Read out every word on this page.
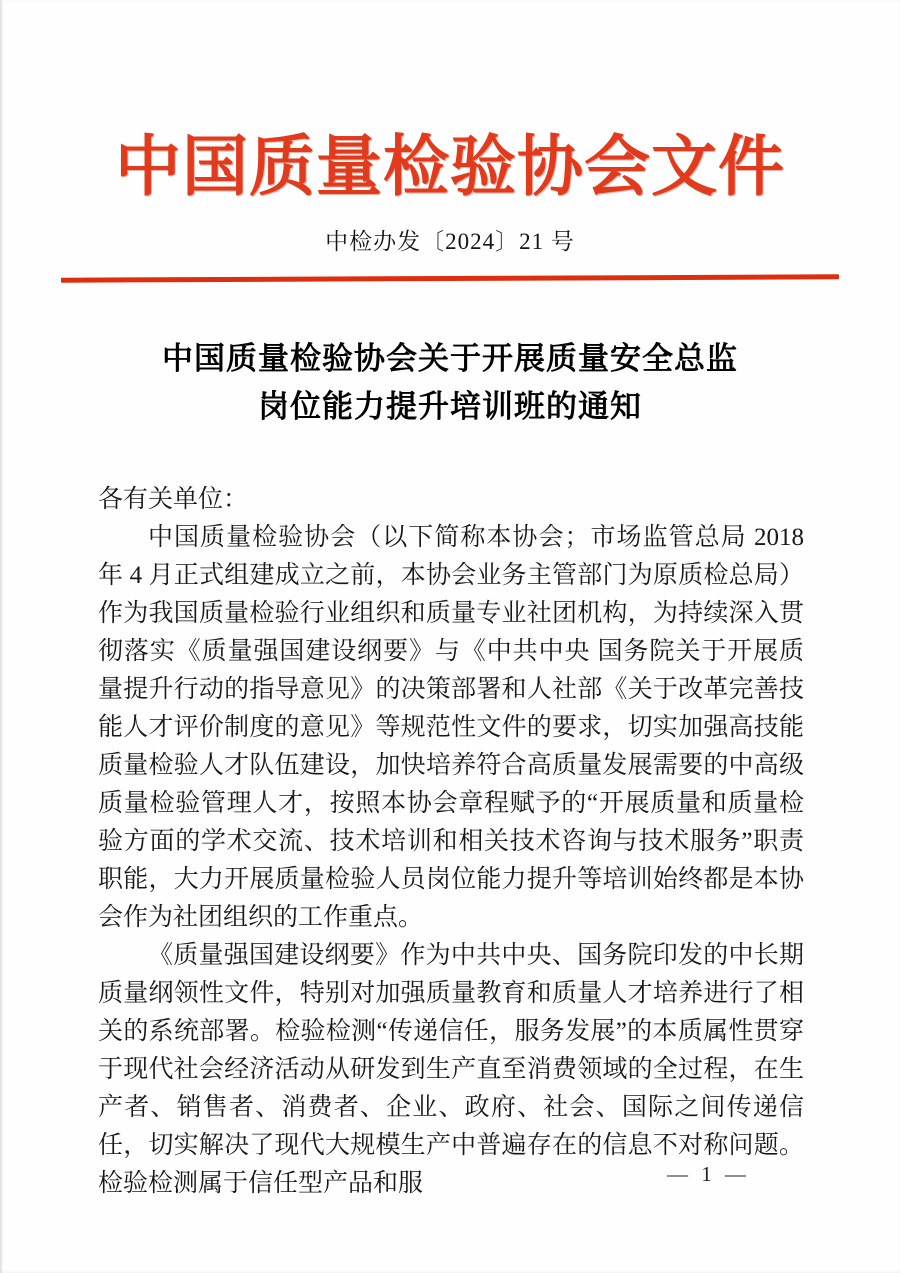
中国质量检验协会文件
中检办发〔2024〕21 号
中国质量检验协会关于开展质量安全总监
岗位能力提升培训班的通知

各有关单位：

中国质量检验协会（以下简称本协会；市场监管总局 2018 年 4 月正式组建成立之前，本协会业务主管部门为原质检总局）作为我国质量检验行业组织和质量专业社团机构，为持续深入贯彻落实《质量强国建设纲要》与《中共中央 国务院关于开展质量提升行动的指导意见》的决策部署和人社部《关于改革完善技能人才评价制度的意见》等规范性文件的要求，切实加强高技能质量检验人才队伍建设，加快培养符合高质量发展需要的中高级质量检验管理人才，按照本协会章程赋予的“开展质量和质量检验方面的学术交流、技术培训和相关技术咨询与技术服务”职责职能，大力开展质量检验人员岗位能力提升等培训始终都是本协会作为社团组织的工作重点。

《质量强国建设纲要》作为中共中央、国务院印发的中长期质量纲领性文件，特别对加强质量教育和质量人才培养进行了相关的系统部署。检验检测“传递信任，服务发展”的本质属性贯穿于现代社会经济活动从研发到生产直至消费领域的全过程，在生产者、销售者、消费者、企业、政府、社会、国际之间传递信任，切实解决了现代大规模生产中普遍存在的信息不对称问题。检验检测属于信任型产品和服	— 1 —
